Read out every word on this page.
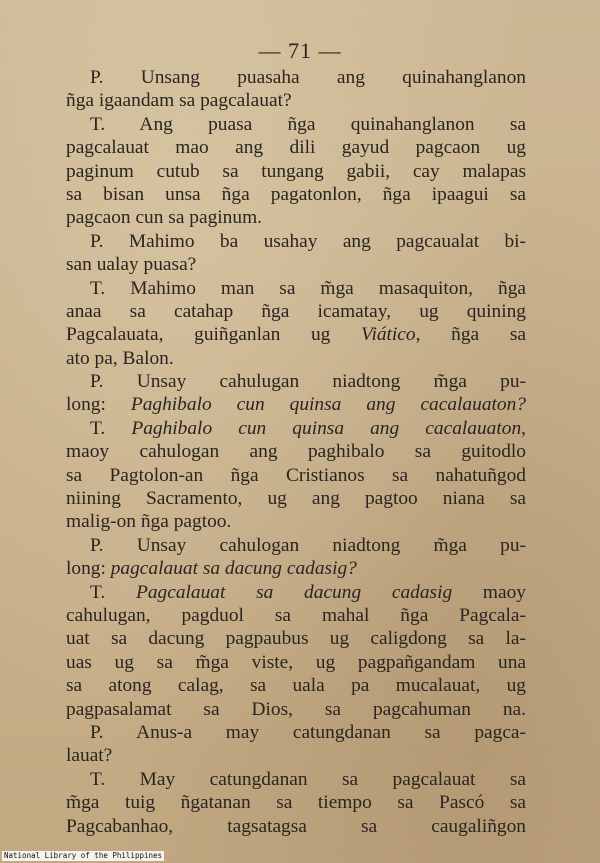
— 71 —
P. Unsang puasaha ang quinahanglanon
ñga igaandam sa pagcalauat?
T. Ang puasa ñga quinahanglanon sa
pagcalauat mao ang dili gayud pagcaon ug
paginum cutub sa tungang gabii, cay malapas
sa bisan unsa ñga pagatonlon, ñga ipaagui sa
pagcaon cun sa paginum.
P. Mahimo ba usahay ang pagcaualat bi-
san ualay puasa?
T. Mahimo man sa m̃ga masaquiton, ñga
anaa sa catahap ñga icamatay, ug quining
Pagcalauata, guiñganlan ug Viático, ñga sa
ato pa, Balon.
P. Unsay cahulugan niadtong m̃ga pu-
long: Paghibalo cun quinsa ang cacalauaton?
T. Paghibalo cun quinsa ang cacalauaton,
maoy cahulogan ang paghibalo sa guitodlo
sa Pagtolon-an ñga Cristianos sa nahatuñgod
niining Sacramento, ug ang pagtoo niana sa
malig-on ñga pagtoo.
P. Unsay cahulogan niadtong m̃ga pu-
long: pagcalauat sa dacung cadasig?
T. Pagcalauat sa dacung cadasig maoy
cahulugan, pagduol sa mahal ñga Pagcala-
uat sa dacung pagpaubus ug caligdong sa la-
uas ug sa m̃ga viste, ug pagpañgandam una
sa atong calag, sa uala pa mucalauat, ug
pagpasalamat sa Dios, sa pagcahuman na.
P. Anus-a may catungdanan sa pagca-
lauat?
T. May catungdanan sa pagcalauat sa
m̃ga tuig ñgatanan sa tiempo sa Pascó sa
Pagcabanhao, tagsatagsa sa caugaliñgon
National Library of the Philippines
